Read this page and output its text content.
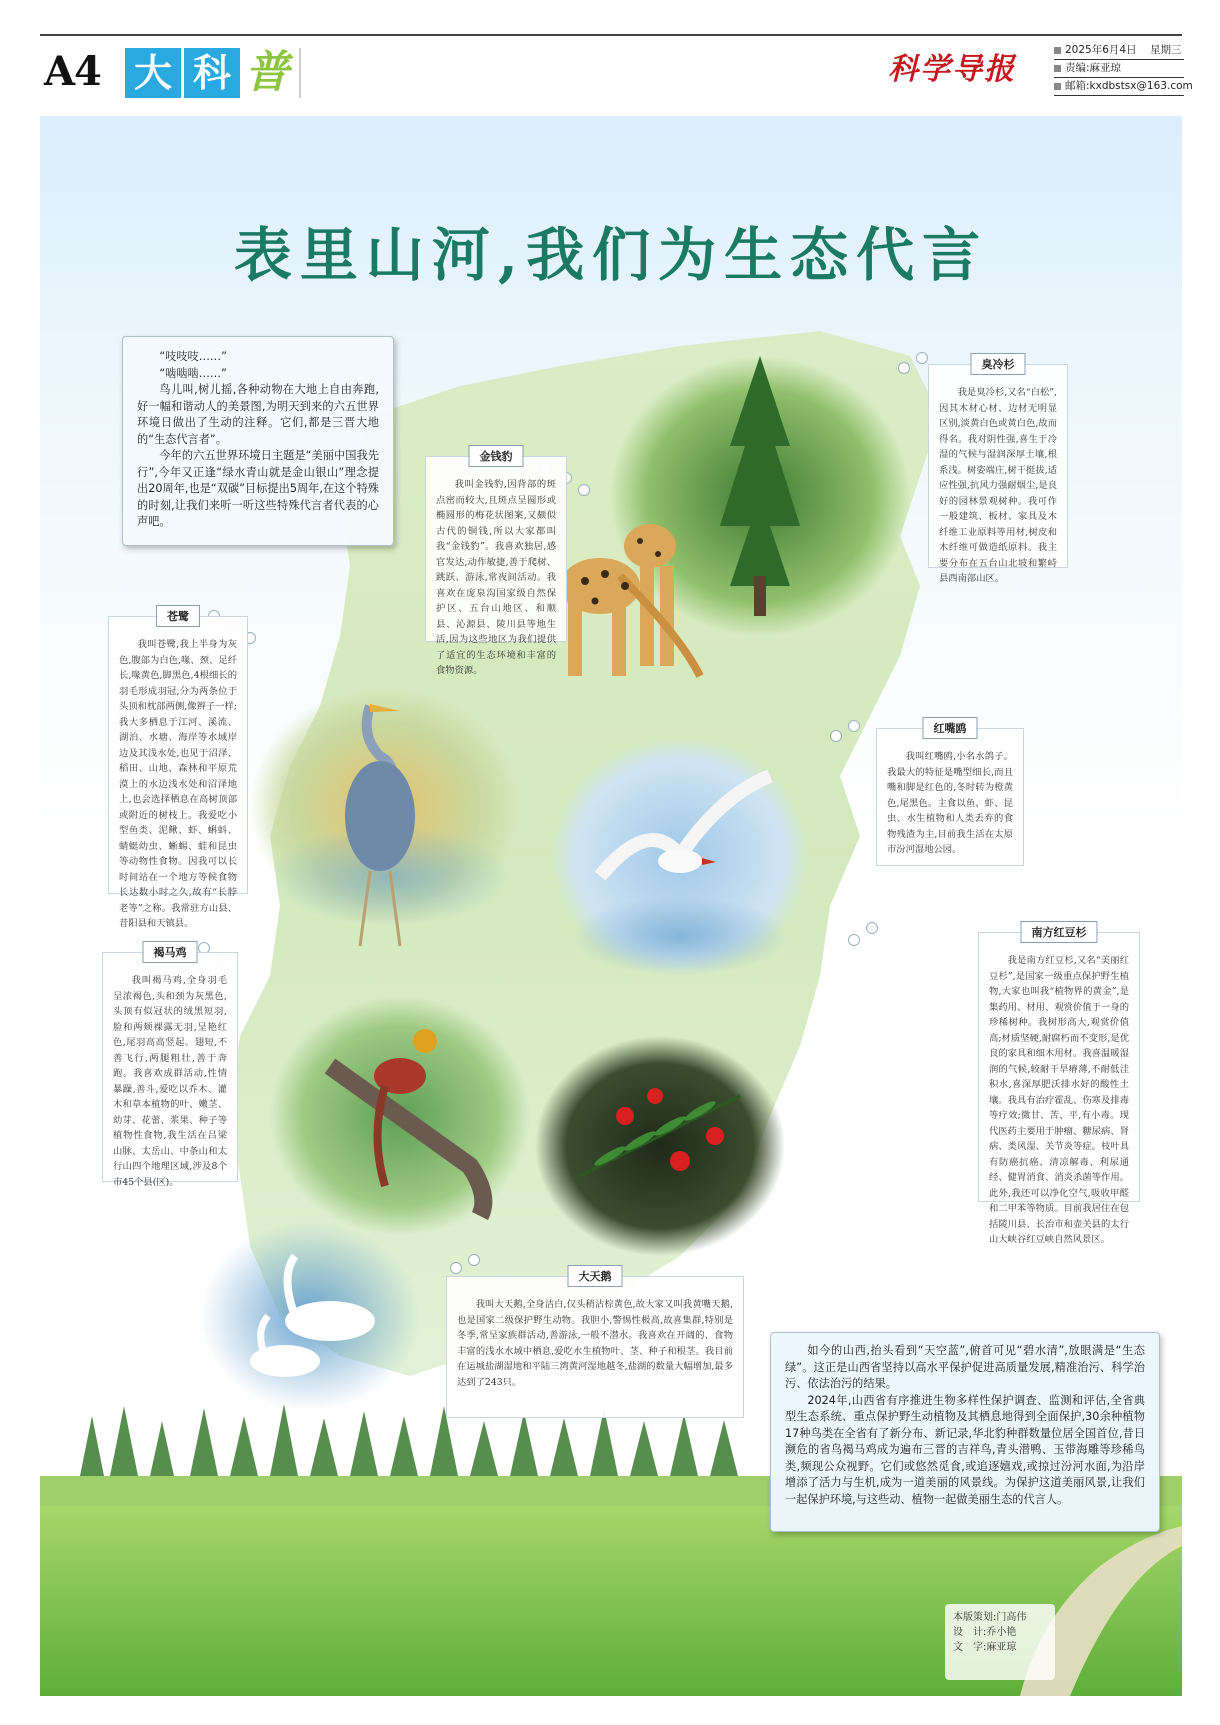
A4 大 科 普	科学导报
2025年6月4日 星期三
责编:麻亚琼
邮箱:kxdbstsx@163.com
表里山河,我们为生态代言

“吱吱吱……”

“啮啮啮……”

鸟儿叫,树儿摇,各种动物在大地上自由奔跑,好一幅和谐动人的美景图,为明天到来的六五世界环境日做出了生动的注释。它们,都是三晋大地的“生态代言者”。

今年的六五世界环境日主题是“美丽中国我先行”,今年又正逢“绿水青山就是金山银山”理念提出20周年,也是“双碳”目标提出5周年,在这个特殊的时刻,让我们来听一听这些特殊代言者代表的心声吧。

金钱豹

我叫金钱豹,因背部的斑点密而较大,且斑点呈圆形或椭圆形的梅花状图案,又颇似古代的铜钱,所以大家都叫我“金钱豹”。我喜欢独居,感官发达,动作敏捷,善于爬树、跳跃、游泳,常夜间活动。我喜欢在庞泉沟国家级自然保护区、五台山地区、和顺县、沁源县、陵川县等地生活,因为这些地区为我们提供了适宜的生态环境和丰富的食物资源。

苍鹭

我叫苍鹭,我上半身为灰色,腹部为白色,喙、颈、足纤长,喙黄色,脚黑色,4根细长的羽毛形成羽冠,分为两条位于头顶和枕部两侧,像辫子一样;我大多栖息于江河、溪流、湖泊、水塘、海岸等水域岸边及其浅水处,也见于沼泽、稻田、山地、森林和平原荒漠上的水边浅水处和沼泽地上,也会选择栖息在高树顶部或附近的树枝上。我爱吃小型鱼类、泥鳅、虾、蝌蚪、蜻蜓幼虫、蜥蜴、蛙和昆虫等动物性食物。因我可以长时间站在一个地方等候食物长达数小时之久,故有“长脖老等”之称。我常驻方山县、昔阳县和天镇县。

臭冷杉

我是臭冷杉,又名“白松”,因其木材心材、边材无明显区别,淡黄白色或黄白色,故而得名。我对阴性强,喜生于冷湿的气候与湿润深厚土壤,根系浅。树姿端庄,树干挺拔,适应性强,抗风力强耐烟尘,是良好的园林景观树种。我可作一般建筑、板材、家具及木纤维工业原料等用材,树皮和木纤维可做造纸原料。我主要分布在五台山北坡和繁峙县西南部山区。

红嘴鸥

我叫红嘴鸥,小名水鸽子。我最大的特征是嘴型细长,而且嘴和脚是红色的,冬时转为橙黄色,尾黑色。主食以鱼、虾、昆虫、水生植物和人类丢弃的食物残渣为主,目前我生活在太原市汾河湿地公园。

褐马鸡

我叫褐马鸡,全身羽毛呈浓褐色,头和颈为灰黑色,头顶有似冠状的绒黑短羽,脸和两颊裸露无羽,呈艳红色,尾羽高高竖起。翅短,不善飞行,两腿粗壮,善于奔跑。我喜欢成群活动,性情暴躁,善斗,爱吃以乔木、灌木和草本植物的叶、嫩茎、幼芽、花蕾、浆果、种子等植物性食物,我生活在吕梁山脉、太岳山、中条山和太行山四个地理区域,涉及8个市45个县(区)。

南方红豆杉

我是南方红豆杉,又名“美丽红豆杉”,是国家一级重点保护野生植物,大家也叫我“植物界的黄金”,是集药用、材用、观赏价值于一身的珍稀树种。我树形高大,观赏价值高;材质坚硬,耐腐朽而不变形,是优良的家具和细木用材。我喜温暖湿润的气候,较耐干旱瘠薄,不耐低洼积水,喜深厚肥沃排水好的酸性土壤。我具有治疗霍乱、伤寒及排毒等疗效;微甘、苦、平,有小毒。现代医药主要用于肿瘤、糖尿病、肾病、类风湿、关节炎等症。枝叶具有防癌抗癌、清凉解毒、利尿通经、健胃消食、消炎杀菌等作用。此外,我还可以净化空气,吸收甲醛和二甲苯等物质。目前我居住在包括陵川县、长治市和壶关县的太行山大峡谷红豆峡自然风景区。

大天鹅

我叫大天鹅,全身洁白,仅头稍沾棕黄色,故大家又叫我黄嘴天鹅,也是国家二级保护野生动物。我胆小,警惕性极高,故喜集群,特别是冬季,常呈家族群活动,善游泳,一般不潜水。我喜欢在开阔的、食物丰富的浅水水域中栖息,爱吃水生植物叶、茎、种子和根茎。我目前在运城盐湖湿地和平陆三湾黄河湿地越冬,盐湖的数量大幅增加,最多达到了243只。

如今的山西,抬头看到“天空蓝”,俯首可见“碧水清”,放眼满是“生态绿”。这正是山西省坚持以高水平保护促进高质量发展,精准治污、科学治污、依法治污的结果。

2024年,山西省有序推进生物多样性保护调查、监测和评估,全省典型生态系统、重点保护野生动植物及其栖息地得到全面保护,30余种植物17种鸟类在全省有了新分布、新记录,华北豹种群数量位居全国首位,昔日濒危的省鸟褐马鸡成为遍布三晋的吉祥鸟,青头潜鸭、玉带海雕等珍稀鸟类,频现公众视野。它们或悠然觅食,或追逐嬉戏,或掠过汾河水面,为沿岸增添了活力与生机,成为一道美丽的风景线。为保护这道美丽风景,让我们一起保护环境,与这些动、植物一起做美丽生态的代言人。

本版策划:门高伟
设　计:乔小艳
文　字:麻亚琼
